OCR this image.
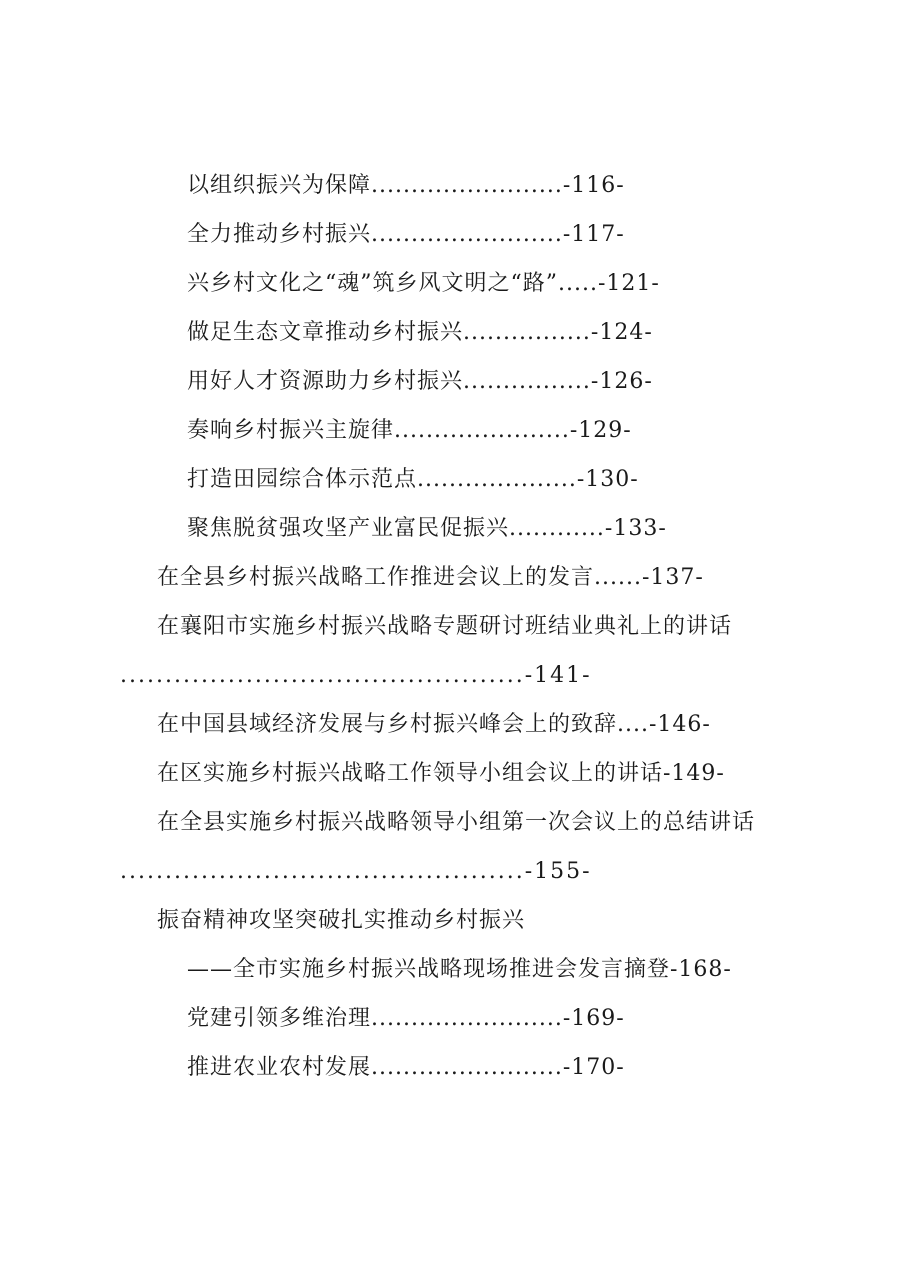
以组织振兴为保障........................-116-
全力推动乡村振兴........................-117-
兴乡村文化之“魂”筑乡风文明之“路”.....-121-
做足生态文章推动乡村振兴................-124-
用好人才资源助力乡村振兴................-126-
奏响乡村振兴主旋律......................-129-
打造田园综合体示范点....................-130-
聚焦脱贫强攻坚产业富民促振兴............-133-
在全县乡村振兴战略工作推进会议上的发言......-137-
在襄阳市实施乡村振兴战略专题研讨班结业典礼上的讲话
.............................................-141-
在中国县域经济发展与乡村振兴峰会上的致辞....-146-
在区实施乡村振兴战略工作领导小组会议上的讲话-149-
在全县实施乡村振兴战略领导小组第一次会议上的总结讲话
.............................................-155-
振奋精神攻坚突破扎实推动乡村振兴
——全市实施乡村振兴战略现场推进会发言摘登-168-
党建引领多维治理........................-169-
推进农业农村发展........................-170-
